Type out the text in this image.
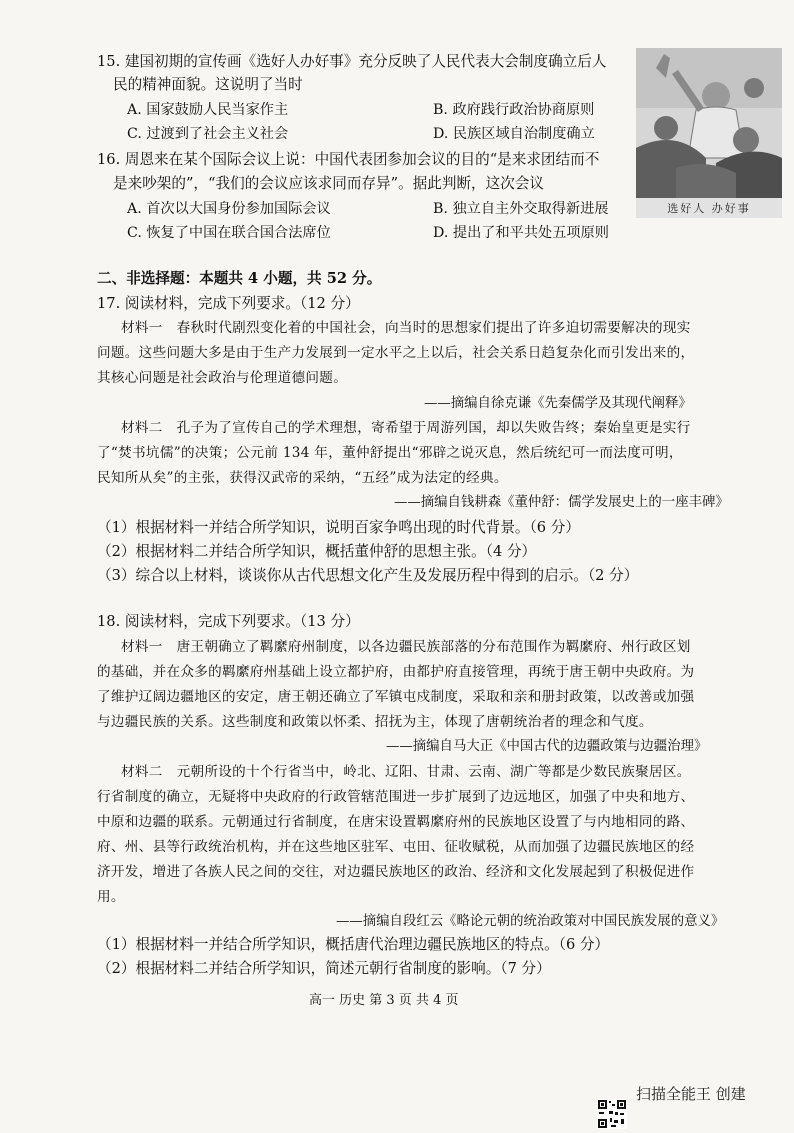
15. 建国初期的宣传画《选好人办好事》充分反映了人民代表大会制度确立后人
民的精神面貌。这说明了当时
A. 国家鼓励人民当家作主	B. 政府践行政治协商原则
C. 过渡到了社会主义社会	D. 民族区域自治制度确立
选好人 办好事
16. 周恩来在某个国际会议上说：中国代表团参加会议的目的“是来求团结而不
是来吵架的”，“我们的会议应该求同而存异”。据此判断，这次会议
A. 首次以大国身份参加国际会议	B. 独立自主外交取得新进展
C. 恢复了中国在联合国合法席位	D. 提出了和平共处五项原则
二、非选择题：本题共 4 小题，共 52 分。
17. 阅读材料，完成下列要求。（12 分）
材料一　春秋时代剧烈变化着的中国社会，向当时的思想家们提出了许多迫切需要解决的现实
问题。这些问题大多是由于生产力发展到一定水平之上以后，社会关系日趋复杂化而引发出来的，
其核心问题是社会政治与伦理道德问题。
——摘编自徐克谦《先秦儒学及其现代阐释》
材料二　孔子为了宣传自己的学术理想，寄希望于周游列国，却以失败告终；秦始皇更是实行
了“焚书坑儒”的决策；公元前 134 年，董仲舒提出“邪辟之说灭息，然后统纪可一而法度可明，
民知所从矣”的主张，获得汉武帝的采纳，“五经”成为法定的经典。
——摘编自钱耕森《董仲舒：儒学发展史上的一座丰碑》
（1）根据材料一并结合所学知识，说明百家争鸣出现的时代背景。（6 分）
（2）根据材料二并结合所学知识，概括董仲舒的思想主张。（4 分）
（3）综合以上材料，谈谈你从古代思想文化产生及发展历程中得到的启示。（2 分）
18. 阅读材料，完成下列要求。（13 分）
材料一　唐王朝确立了羁縻府州制度，以各边疆民族部落的分布范围作为羁縻府、州行政区划
的基础，并在众多的羁縻府州基础上设立都护府，由都护府直接管理，再统于唐王朝中央政府。为
了维护辽阔边疆地区的安定，唐王朝还确立了军镇屯戍制度，采取和亲和册封政策，以改善或加强
与边疆民族的关系。这些制度和政策以怀柔、招抚为主，体现了唐朝统治者的理念和气度。
——摘编自马大正《中国古代的边疆政策与边疆治理》
材料二　元朝所设的十个行省当中，岭北、辽阳、甘肃、云南、湖广等都是少数民族聚居区。
行省制度的确立，无疑将中央政府的行政管辖范围进一步扩展到了边远地区，加强了中央和地方、
中原和边疆的联系。元朝通过行省制度，在唐宋设置羁縻府州的民族地区设置了与内地相同的路、
府、州、县等行政统治机构，并在这些地区驻军、屯田、征收赋税，从而加强了边疆民族地区的经
济开发，增进了各族人民之间的交往，对边疆民族地区的政治、经济和文化发展起到了积极促进作
用。
——摘编自段红云《略论元朝的统治政策对中国民族发展的意义》
（1）根据材料一并结合所学知识，概括唐代治理边疆民族地区的特点。（6 分）
（2）根据材料二并结合所学知识，简述元朝行省制度的影响。（7 分）
高一 历史 第 3 页 共 4 页
扫描全能王 创建
